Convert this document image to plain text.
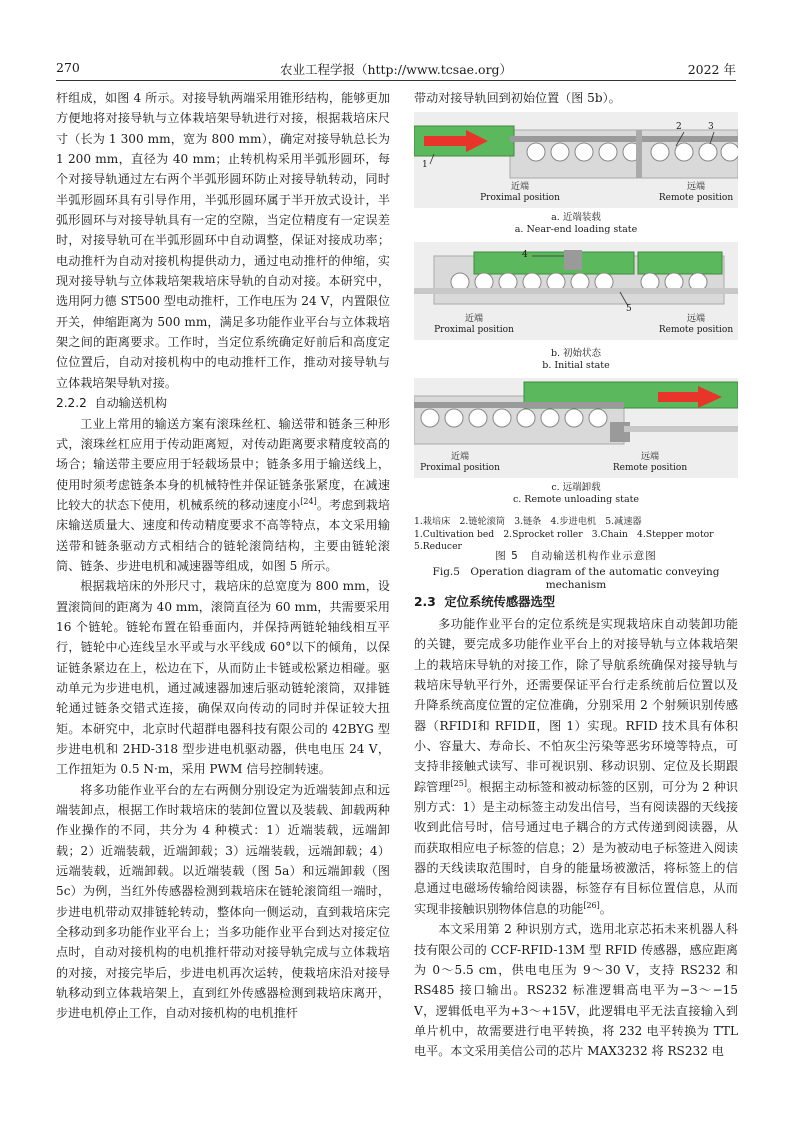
270	农业工程学报（http://www.tcsae.org）	2022 年

杆组成，如图 4 所示。对接导轨两端采用锥形结构，能够更加方便地将对接导轨与立体栽培架导轨进行对接，根据栽培床尺寸（长为 1 300 mm，宽为 800 mm），确定对接导轨总长为 1 200 mm，直径为 40 mm；止转机构采用半弧形圆环，每个对接导轨通过左右两个半弧形圆环防止对接导轨转动，同时半弧形圆环具有引导作用，半弧形圆环属于半开放式设计，半弧形圆环与对接导轨具有一定的空隙，当定位精度有一定误差时，对接导轨可在半弧形圆环中自动调整，保证对接成功率；电动推杆为自动对接机构提供动力，通过电动推杆的伸缩，实现对接导轨与立体栽培架栽培床导轨的自动对接。本研究中，选用阿力德 ST500 型电动推杆，工作电压为 24 V，内置限位开关，伸缩距离为 500 mm，满足多功能作业平台与立体栽培架之间的距离要求。工作时，当定位系统确定好前后和高度定位位置后，自动对接机构中的电动推杆工作，推动对接导轨与立体栽培架导轨对接。

2.2.2 自动输送机构

工业上常用的输送方案有滚珠丝杠、输送带和链条三种形式，滚珠丝杠应用于传动距离短，对传动距离要求精度较高的场合；输送带主要应用于轻载场景中；链条多用于输送线上，使用时须考虑链条本身的机械特性并保证链条张紧度，在减速比较大的状态下使用，机械系统的移动速度小[24]。考虑到栽培床输送质量大、速度和传动精度要求不高等特点，本文采用输送带和链条驱动方式相结合的链轮滚筒结构，主要由链轮滚筒、链条、步进电机和减速器等组成，如图 5 所示。

根据栽培床的外形尺寸，栽培床的总宽度为 800 mm，设置滚筒间的距离为 40 mm，滚筒直径为 60 mm，共需要采用 16 个链轮。链轮布置在铅垂面内，并保持两链轮轴线相互平行，链轮中心连线呈水平或与水平线成 60°以下的倾角，以保证链条紧边在上，松边在下，从而防止卡链或松紧边相碰。驱动单元为步进电机，通过减速器加速后驱动链轮滚筒，双排链轮通过链条交错式连接，确保双向传动的同时并保证较大扭矩。本研究中，北京时代超群电器科技有限公司的 42BYG 型步进电机和 2HD-318 型步进电机驱动器，供电电压 24 V，工作扭矩为 0.5 N·m，采用 PWM 信号控制转速。

将多功能作业平台的左右两侧分别设定为近端装卸点和远端装卸点，根据工作时栽培床的装卸位置以及装载、卸载两种作业操作的不同，共分为 4 种模式：1）近端装载，远端卸载；2）近端装载，近端卸载；3）远端装载，远端卸载；4）远端装载，近端卸载。以近端装载（图 5a）和远端卸载（图 5c）为例，当红外传感器检测到栽培床在链轮滚筒组一端时，步进电机带动双排链轮转动，整体向一侧运动，直到栽培床完全移动到多功能作业平台上；当多功能作业平台到达对接定位点时，自动对接机构的电机推杆带动对接导轨完成与立体栽培的对接，对接完毕后，步进电机再次运转，使栽培床沿对接导轨移动到立体栽培架上，直到红外传感器检测到栽培床离开，步进电机停止工作，自动对接机构的电机推杆

带动对接导轨回到初始位置（图 5b）。

1
2	3
近端
Proximal position
远端
Remote position
a. 近端装载
a. Near-end loading state
4
5
近端
Proximal position
远端
Remote position
b. 初始状态
b. Initial state
近端
Proximal position
远端
Remote position
c. 远端卸载
c. Remote unloading state
1.栽培床　2.链轮滚筒　3.链条　4.步进电机　5.减速器
1.Cultivation bed　2.Sprocket roller　3.Chain　4.Stepper motor　5.Reducer
图 5　自动输送机构作业示意图
Fig.5　Operation diagram of the automatic conveying mechanism
2.3 定位系统传感器选型

多功能作业平台的定位系统是实现栽培床自动装卸功能的关键，要完成多功能作业平台上的对接导轨与立体栽培架上的栽培床导轨的对接工作，除了导航系统确保对接导轨与栽培床导轨平行外，还需要保证平台行走系统前后位置以及升降系统高度位置的定位准确，分别采用 2 个射频识别传感器（RFIDⅠ和 RFIDⅡ，图 1）实现。RFID 技术具有体积小、容量大、寿命长、不怕灰尘污染等恶劣环境等特点，可支持非接触式读写、非可视识别、移动识别、定位及长期跟踪管理[25]。根据主动标签和被动标签的区别，可分为 2 种识别方式：1）是主动标签主动发出信号，当有阅读器的天线接收到此信号时，信号通过电子耦合的方式传递到阅读器，从而获取相应电子标签的信息；2）是为被动电子标签进入阅读器的天线读取范围时，自身的能量场被激活，将标签上的信息通过电磁场传输给阅读器，标签存有目标位置信息，从而实现非接触识别物体信息的功能[26]。

本文采用第 2 种识别方式，选用北京芯拓未来机器人科技有限公司的 CCF-RFID-13M 型 RFID 传感器，感应距离为 0～5.5 cm，供电电压为 9～30 V，支持 RS232 和 RS485 接口输出。RS232 标准逻辑高电平为−3～−15 V，逻辑低电平为+3～+15V，此逻辑电平无法直接输入到单片机中，故需要进行电平转换，将 232 电平转换为 TTL 电平。本文采用美信公司的芯片 MAX3232 将 RS232 电
